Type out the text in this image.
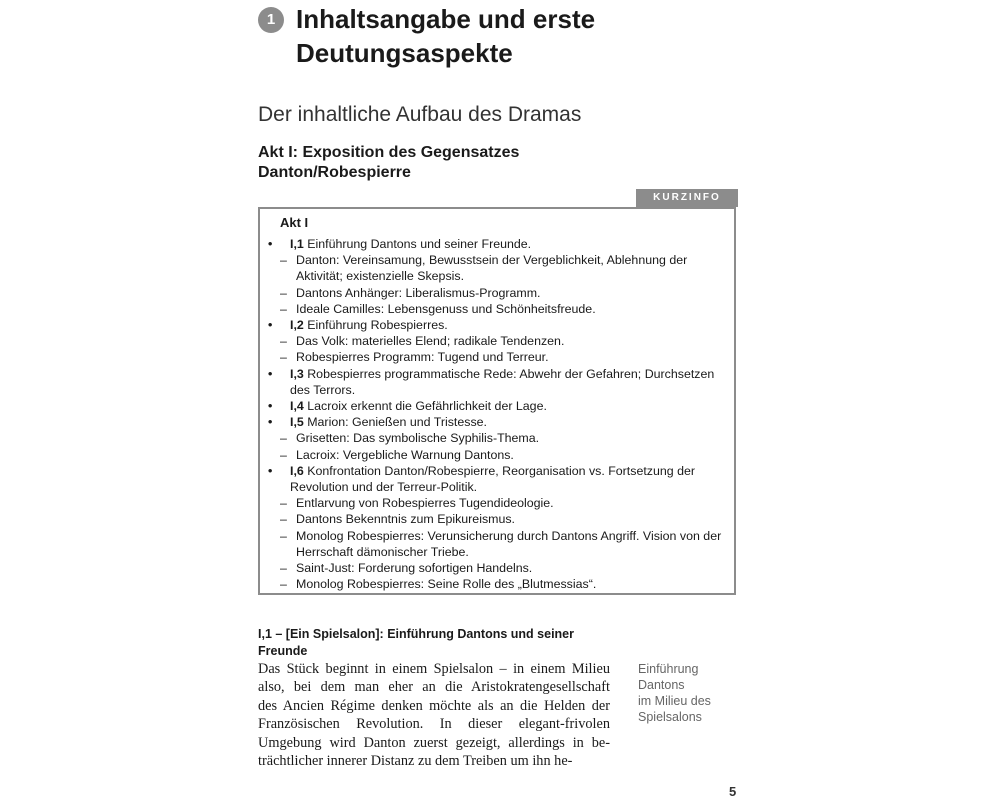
1 Inhaltsangabe und erste Deutungsaspekte
Der inhaltliche Aufbau des Dramas
Akt I: Exposition des Gegensatzes Danton/Robespierre
KURZINFO

Akt I

• I,1 Einführung Dantons und seiner Freunde.
– Danton: Vereinsamung, Bewusstsein der Vergeblichkeit, Ablehnung der Aktivität; existenzielle Skepsis.
– Dantons Anhänger: Liberalismus-Programm.
– Ideale Camilles: Lebensgenuss und Schönheitsfreude.
• I,2 Einführung Robespierres.
– Das Volk: materielles Elend; radikale Tendenzen.
– Robespierres Programm: Tugend und Terreur.
• I,3 Robespierres programmatische Rede: Abwehr der Gefahren; Durchsetzen des Terrors.
• I,4 Lacroix erkennt die Gefährlichkeit der Lage.
• I,5 Marion: Genießen und Tristesse.
– Grisetten: Das symbolische Syphilis-Thema.
– Lacroix: Vergebliche Warnung Dantons.
• I,6 Konfrontation Danton/Robespierre, Reorganisation vs. Fortsetzung der Revolution und der Terreur-Politik.
– Entlarvung von Robespierres Tugendideologie.
– Dantons Bekenntnis zum Epikureismus.
– Monolog Robespierres: Verunsicherung durch Dantons Angriff. Vision von der Herrschaft dämonischer Triebe.
– Saint-Just: Forderung sofortigen Handelns.
– Monolog Robespierres: Seine Rolle des „Blutmessias“.
I,1 – [Ein Spielsalon]: Einführung Dantons und seiner Freunde

Das Stück beginnt in einem Spielsalon – in einem Milieu
also, bei dem man eher an die Aristokratengesellschaft
des Ancien Régime denken möchte als an die Helden der
Französischen Revolution. In dieser elegant-frivolen
Umgebung wird Danton zuerst gezeigt, allerdings in be-
trächtlicher innerer Distanz zu dem Treiben um ihn he-

Einführung
Dantons
im Milieu des
Spielsalons
5
